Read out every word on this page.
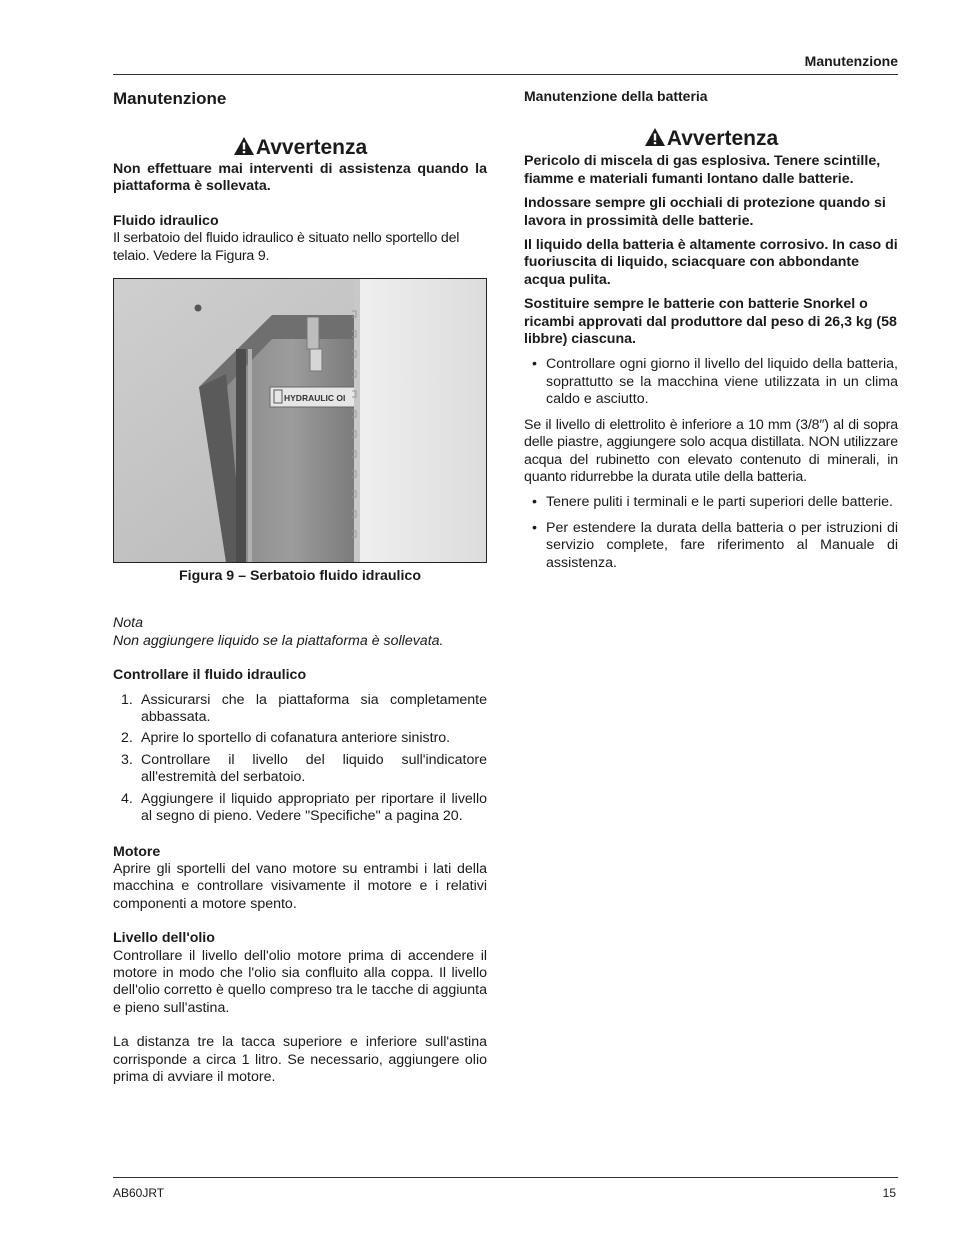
Manutenzione
Manutenzione
Avvertenza

Non effettuare mai interventi di assistenza quando la piattaforma è sollevata.

Fluido idraulico

Il serbatoio del fluido idraulico è situato nello sportello del telaio. Vedere la Figura 9.

HYDRAULIC OI
Figura 9 – Serbatoio fluido idraulico

Nota

Non aggiungere liquido se la piattaforma è sollevata.

Controllare il fluido idraulico
1. Assicurarsi che la piattaforma sia completamente abbassata.
2. Aprire lo sportello di cofanatura anteriore sinistro.
3. Controllare il livello del liquido sull'indicatore all'estremità del serbatoio.
4. Aggiungere il liquido appropriato per riportare il livello al segno di pieno. Vedere "Specifiche" a pagina 20.
Motore

Aprire gli sportelli del vano motore su entrambi i lati della macchina e controllare visivamente il motore e i relativi componenti a motore spento.

Livello dell'olio

Controllare il livello dell'olio motore prima di accendere il motore in modo che l'olio sia confluito alla coppa. Il livello dell'olio corretto è quello compreso tra le tacche di aggiunta e pieno sull'astina.

La distanza tre la tacca superiore e inferiore sull'astina corrisponde a circa 1 litro. Se necessario, aggiungere olio prima di avviare il motore.

Manutenzione della batteria
Avvertenza

Pericolo di miscela di gas esplosiva. Tenere scintille, fiamme e materiali fumanti lontano dalle batterie.

Indossare sempre gli occhiali di protezione quando si lavora in prossimità delle batterie.

Il liquido della batteria è altamente corrosivo. In caso di fuoriuscita di liquido, sciacquare con abbondante acqua pulita.

Sostituire sempre le batterie con batterie Snorkel o ricambi approvati dal produttore dal peso di 26,3 kg (58 libbre) ciascuna.

• Controllare ogni giorno il livello del liquido della batteria, soprattutto se la macchina viene utilizzata in un clima caldo e asciutto.

Se il livello di elettrolito è inferiore a 10 mm (3/8″) al di sopra delle piastre, aggiungere solo acqua distillata. NON utilizzare acqua del rubinetto con elevato contenuto di minerali, in quanto ridurrebbe la durata utile della batteria.

• Tenere puliti i terminali e le parti superiori delle batterie.
• Per estendere la durata della batteria o per istruzioni di servizio complete, fare riferimento al Manuale di assistenza.
AB60JRT	15
